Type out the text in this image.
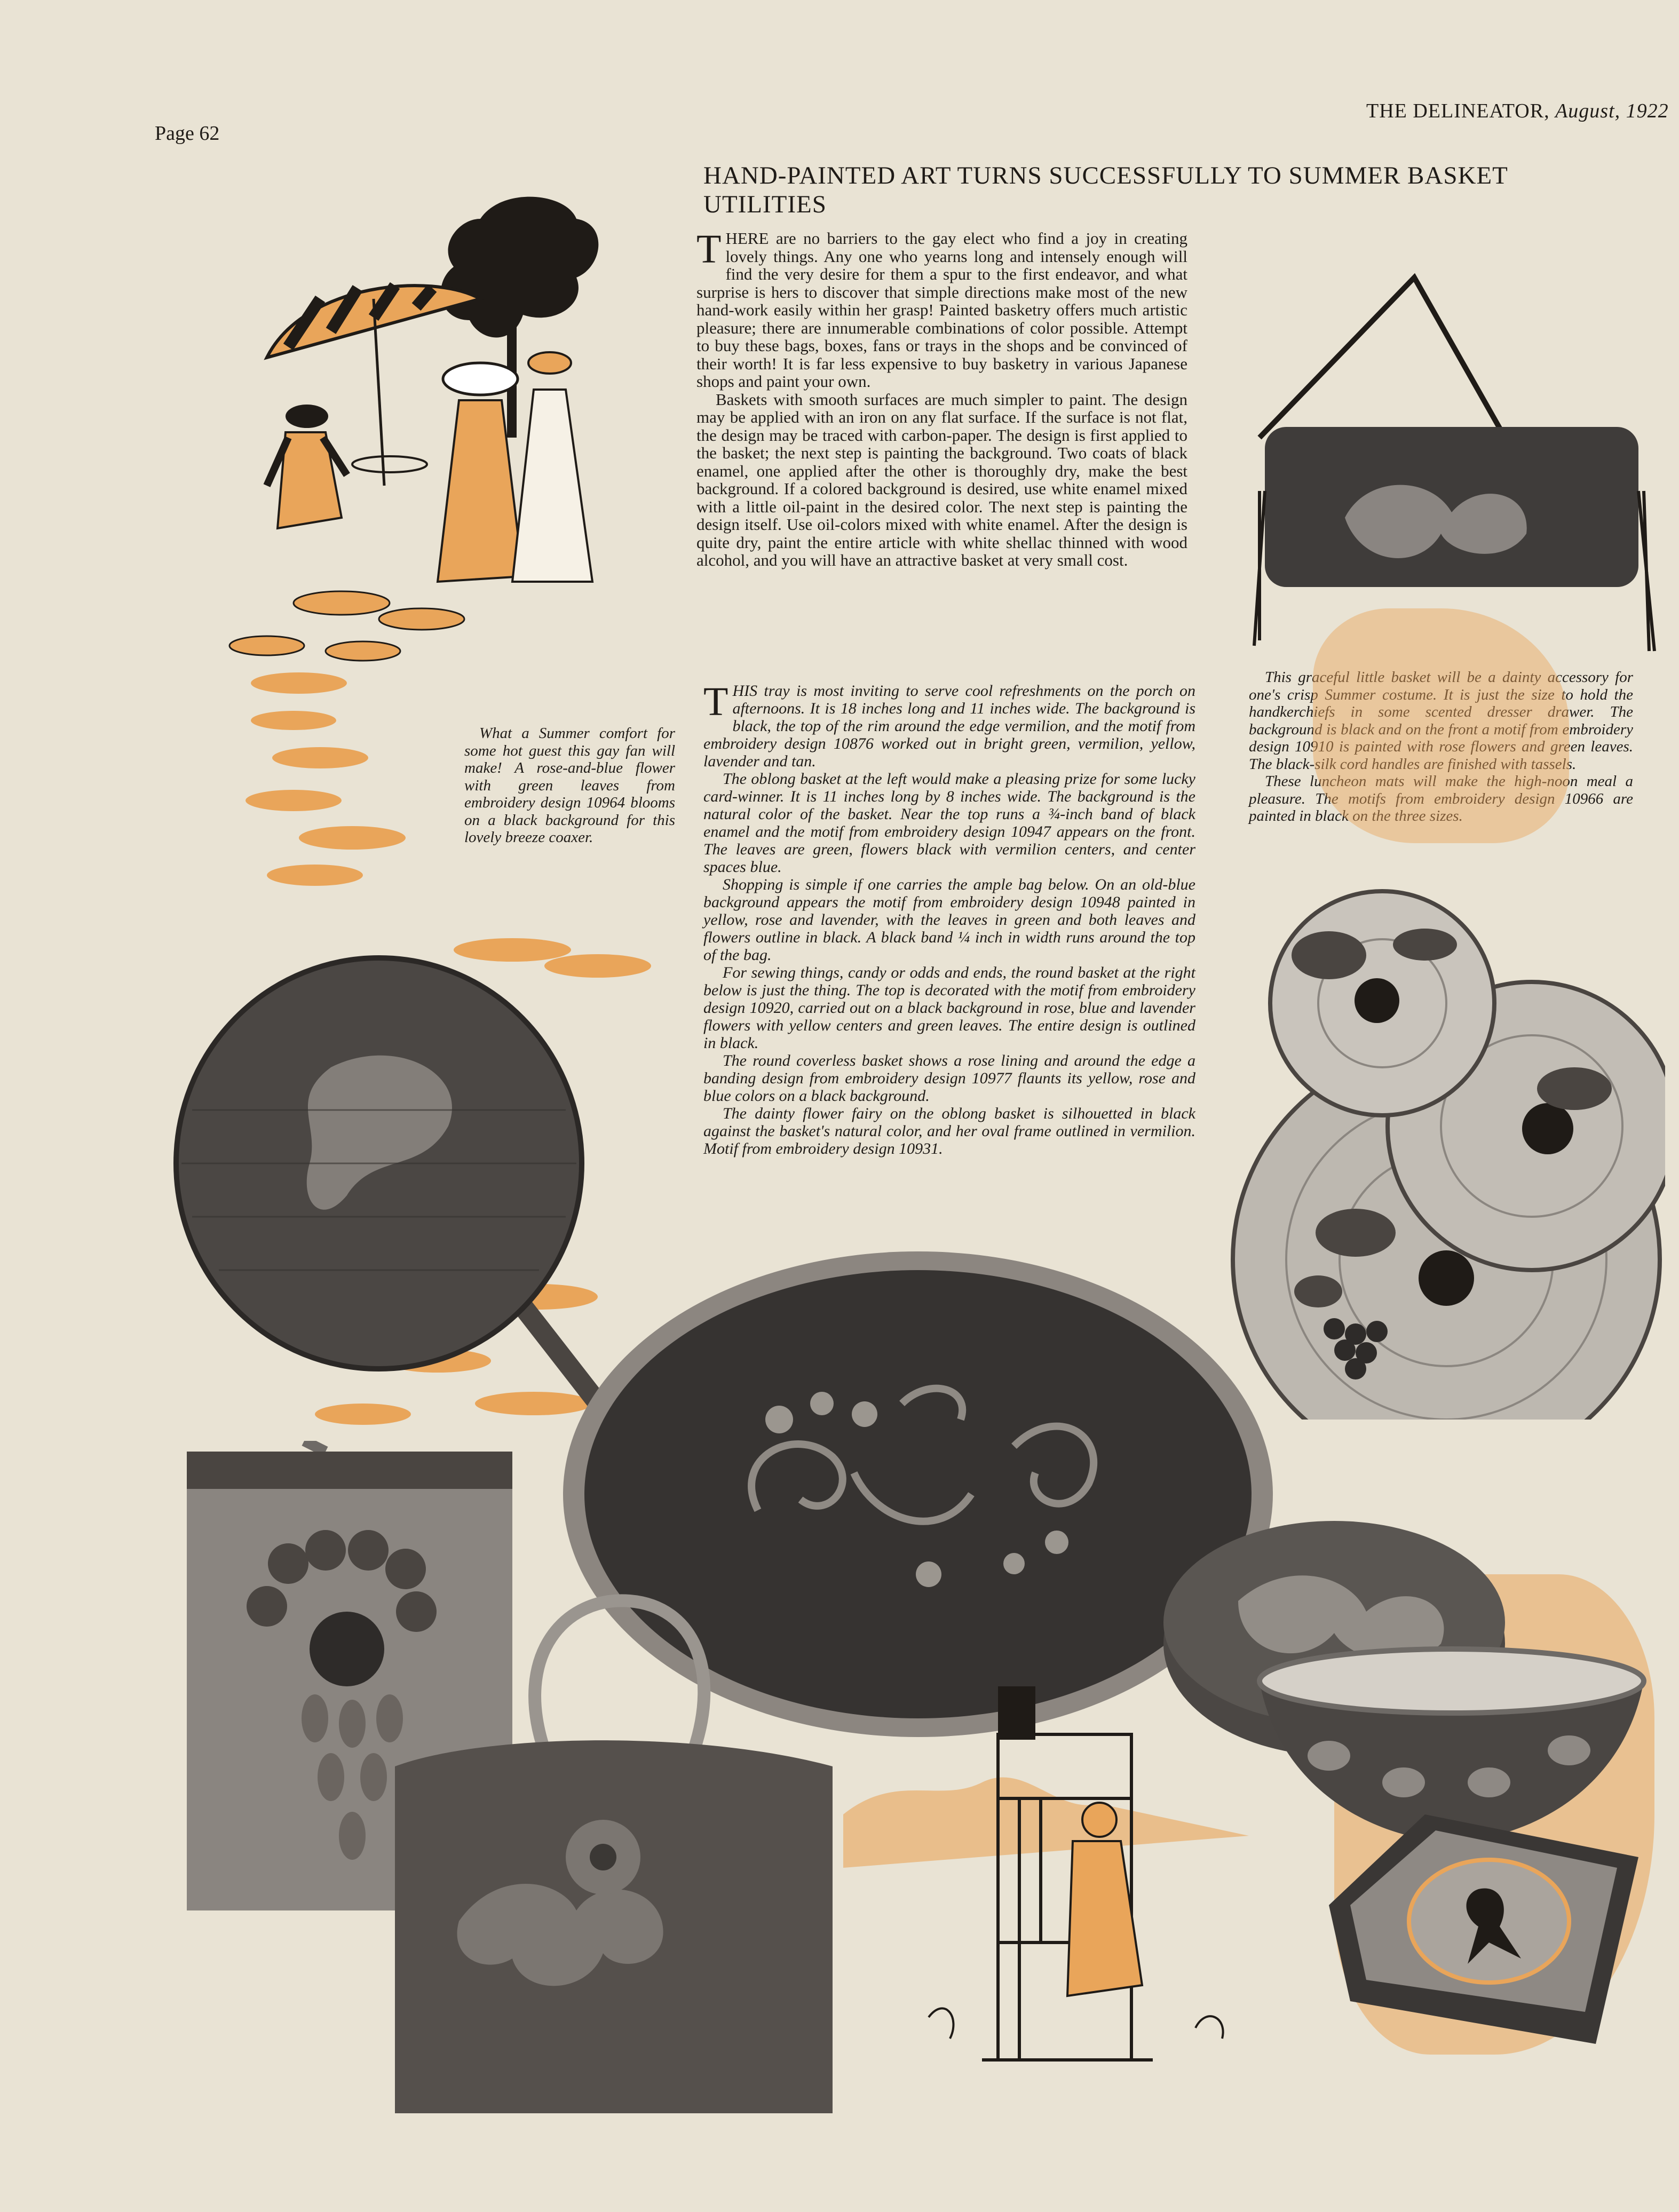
Page 62
THE DELINEATOR, August, 1922
HAND-PAINTED ART TURNS SUCCESSFULLY TO SUMMER BASKET UTILITIES

THERE are no barriers to the gay elect who find a joy in creating lovely things. Any one who yearns long and intensely enough will find the very desire for them a spur to the first endeavor, and what surprise is hers to discover that simple directions make most of the new hand-work easily within her grasp! Painted basketry offers much artistic pleasure; there are innumerable combinations of color possible. Attempt to buy these bags, boxes, fans or trays in the shops and be convinced of their worth! It is far less expensive to buy basketry in various Japanese shops and paint your own.

Baskets with smooth surfaces are much simpler to paint. The design may be applied with an iron on any flat surface. If the surface is not flat, the design may be traced with carbon-paper. The design is first applied to the basket; the next step is painting the background. Two coats of black enamel, one applied after the other is thoroughly dry, make the best background. If a colored background is desired, use white enamel mixed with a little oil-paint in the desired color. The next step is painting the design itself. Use oil-colors mixed with white enamel. After the design is quite dry, paint the entire article with white shellac thinned with wood alcohol, and you will have an attractive basket at very small cost.

THIS tray is most inviting to serve cool refreshments on the porch on afternoons. It is 18 inches long and 11 inches wide. The background is black, the top of the rim around the edge vermilion, and the motif from embroidery design 10876 worked out in bright green, vermilion, yellow, lavender and tan.

The oblong basket at the left would make a pleasing prize for some lucky card-winner. It is 11 inches long by 8 inches wide. The background is the natural color of the basket. Near the top runs a ¾-inch band of black enamel and the motif from embroidery design 10947 appears on the front. The leaves are green, flowers black with vermilion centers, and center spaces blue.

Shopping is simple if one carries the ample bag below. On an old-blue background appears the motif from embroidery design 10948 painted in yellow, rose and lavender, with the leaves in green and both leaves and flowers outline in black. A black band ¼ inch in width runs around the top of the bag.

For sewing things, candy or odds and ends, the round basket at the right below is just the thing. The top is decorated with the motif from embroidery design 10920, carried out on a black background in rose, blue and lavender flowers with yellow centers and green leaves. The entire design is outlined in black.

The round coverless basket shows a rose lining and around the edge a banding design from embroidery design 10977 flaunts its yellow, rose and blue colors on a black background.

The dainty flower fairy on the oblong basket is silhouetted in black against the basket's natural color, and her oval frame outlined in vermilion. Motif from embroidery design 10931.

What a Summer comfort for some hot guest this gay fan will make! A rose-and-blue flower with green leaves from embroidery design 10964 blooms on a black background for this lovely breeze coaxer.

This graceful little basket will be a dainty accessory for one's crisp Summer costume. It is just the size to hold the handkerchiefs in some scented dresser drawer. The background is black and on the front a motif from embroidery design 10910 is painted with rose flowers and green leaves. The black-silk cord handles are finished with tassels.

These luncheon mats will make the high-noon meal a pleasure. The motifs from embroidery design 10966 are painted in black on the three sizes.
